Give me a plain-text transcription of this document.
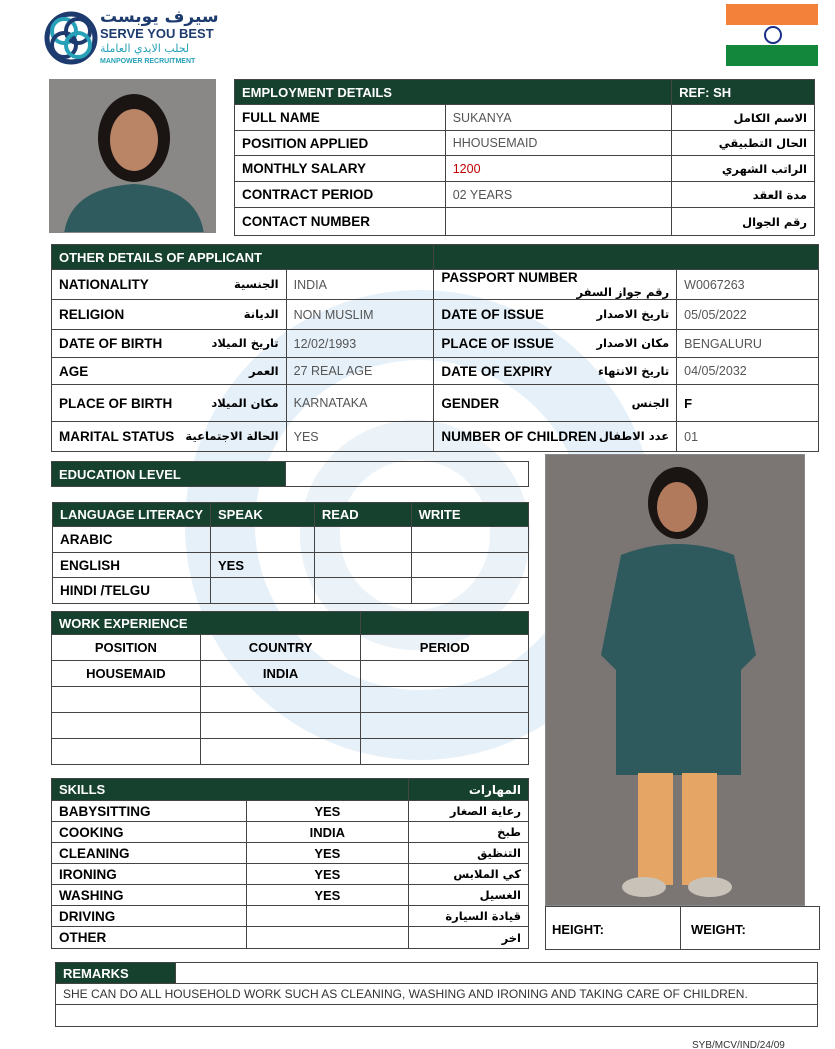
سيرف يوبست
SERVE YOU BEST
لجلب الايدي العاملة
MANPOWER RECRUITMENT
EMPLOYMENT DETAILS		REF: SH
FULL NAME	SUKANYA	الاسم الكامل
POSITION APPLIED	HHOUSEMAID	الحال التطبيقي
MONTHLY SALARY	1200	الراتب الشهري
CONTRACT PERIOD	02 YEARS	مدة العقد
CONTACT NUMBER		رقم الجوال
OTHER DETAILS OF APPLICANT			
NATIONALITY الجنسية	INDIA	PASSPORT NUMBER
رقم جواز السفر	W0067263
RELIGION الديانة	NON MUSLIM	DATE OF ISSUE تاريخ الاصدار	05/05/2022
DATE OF BIRTH تاريخ الميلاد	12/02/1993	PLACE OF ISSUE مكان الاصدار	BENGALURU
AGE العمر	27 REAL AGE	DATE OF EXPIRY تاريخ الانتهاء	04/05/2032
PLACE OF BIRTH مكان الميلاد	KARNATAKA	GENDER الجنس	F
MARITAL STATUS الحالة الاجتماعية	YES	NUMBER OF CHILDREN عدد الاطفال	01
EDUCATION LEVEL	
LANGUAGE LITERACY	SPEAK	READ	WRITE
ARABIC			
ENGLISH	YES		
HINDI /TELGU			
WORK EXPERIENCE		
POSITION	COUNTRY	PERIOD
HOUSEMAID	INDIA	

SKILLS		المهارات
BABYSITTING	YES	رعاية الصغار
COOKING	INDIA	طبخ
CLEANING	YES	التنظيق
IRONING	YES	كي الملابس
WASHING	YES	الغسيل
DRIVING		قيادة السيارة
OTHER		اخر
HEIGHT:	WEIGHT:
REMARKS	
SHE CAN DO ALL HOUSEHOLD WORK SUCH AS CLEANING, WASHING AND IRONING AND TAKING CARE OF CHILDREN.

SYB/MCV/IND/24/09
